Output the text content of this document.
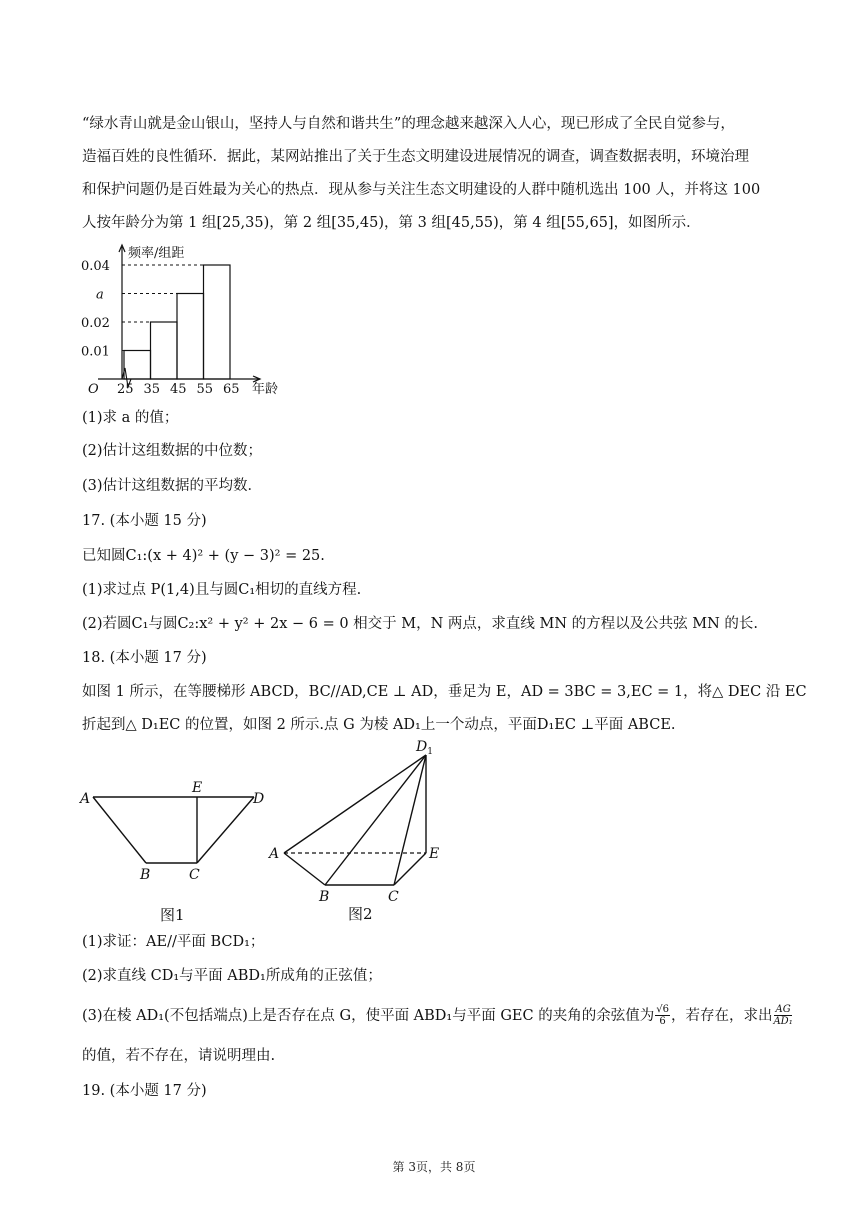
“绿水青山就是金山银山，坚持人与自然和谐共生”的理念越来越深入人心，现已形成了全民自觉参与，
造福百姓的良性循环．据此，某网站推出了关于生态文明建设进展情况的调查，调查数据表明，环境治理
和保护问题仍是百姓最为关心的热点．现从参与关注生态文明建设的人群中随机选出 100 人，并将这 100
人按年龄分为第 1 组[25,35)，第 2 组[35,45)，第 3 组[45,55)，第 4 组[55,65]，如图所示．
O
频率/组距
年龄
0.01
0.02
a
0.04
25 35 45 55 65
(1)求 a 的值；
(2)估计这组数据的中位数；
(3)估计这组数据的平均数．
17. (本小题 15 分)
已知圆C₁:(x + 4)² + (y − 3)² = 25.
(1)求过点 P(1,4)且与圆C₁相切的直线方程.
(2)若圆C₁与圆C₂:x² + y² + 2x − 6 = 0 相交于 M，N 两点，求直线 MN 的方程以及公共弦 MN 的长.
18. (本小题 17 分)
如图 1 所示，在等腰梯形 ABCD，BC//AD,CE ⊥ AD，垂足为 E，AD = 3BC = 3,EC = 1，将△ DEC 沿 EC
折起到△ D₁EC 的位置，如图 2 所示.点 G 为棱 AD₁上一个动点，平面D₁EC ⊥平面 ABCE.
A
E
D
B	C
图1
$D_1$
A	E
B	C
图2
(1)求证：AE//平面 BCD₁；
(2)求直线 CD₁与平面 ABD₁所成角的正弦值；
(3)在棱 AD₁(不包括端点)上是否存在点 G，使平面 ABD₁与平面 GEC 的夹角的余弦值为 $\frac{√6}{6}$ ，若存在，求出 $\frac{AG}{\text{AD₁}}$
的值，若不存在，请说明理由.
19. (本小题 17 分)
第 3页，共 8页
